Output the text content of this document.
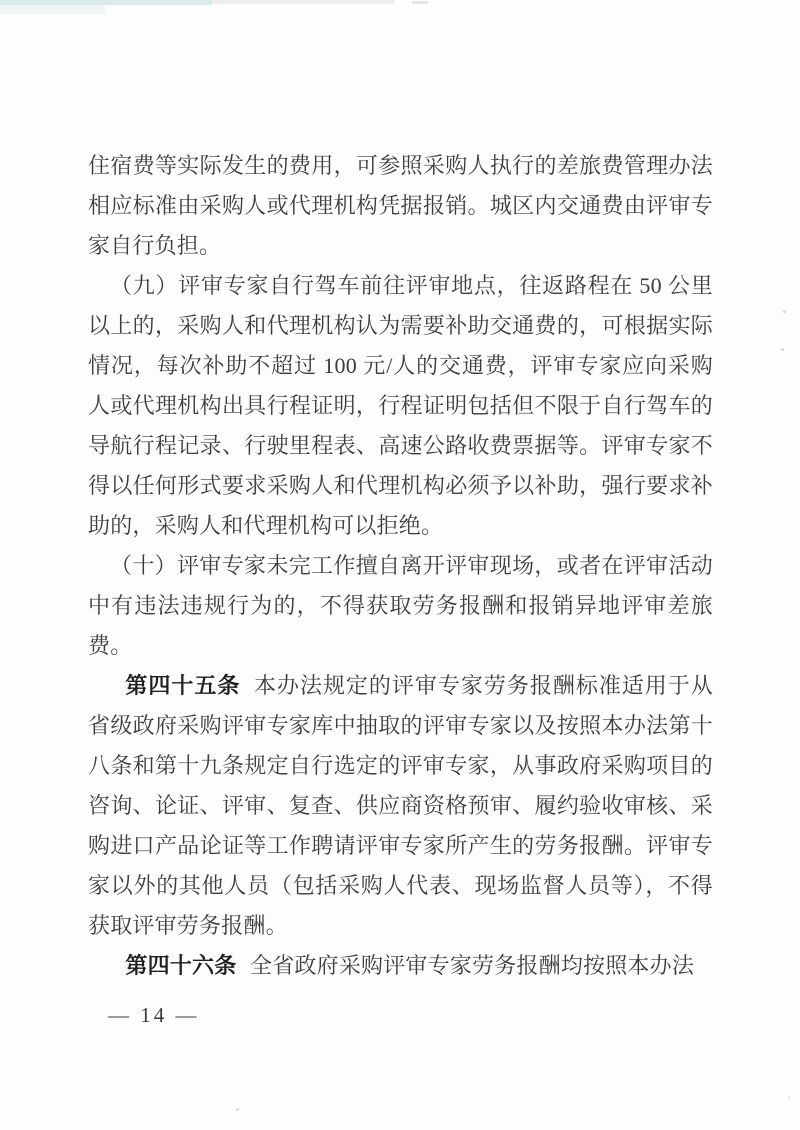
住宿费等实际发生的费用，可参照采购人执行的差旅费管理办法相应标准由采购人或代理机构凭据报销。城区内交通费由评审专家自行负担。

（九）评审专家自行驾车前往评审地点，往返路程在 50 公里以上的，采购人和代理机构认为需要补助交通费的，可根据实际情况，每次补助不超过 100 元/人的交通费，评审专家应向采购人或代理机构出具行程证明，行程证明包括但不限于自行驾车的导航行程记录、行驶里程表、高速公路收费票据等。评审专家不得以任何形式要求采购人和代理机构必须予以补助，强行要求补助的，采购人和代理机构可以拒绝。

（十）评审专家未完工作擅自离开评审现场，或者在评审活动中有违法违规行为的，不得获取劳务报酬和报销异地评审差旅费。

第四十五条 本办法规定的评审专家劳务报酬标准适用于从省级政府采购评审专家库中抽取的评审专家以及按照本办法第十八条和第十九条规定自行选定的评审专家，从事政府采购项目的咨询、论证、评审、复查、供应商资格预审、履约验收审核、采购进口产品论证等工作聘请评审专家所产生的劳务报酬。评审专家以外的其他人员（包括采购人代表、现场监督人员等），不得获取评审劳务报酬。

第四十六条 全省政府采购评审专家劳务报酬均按照本办法

— 14 —
